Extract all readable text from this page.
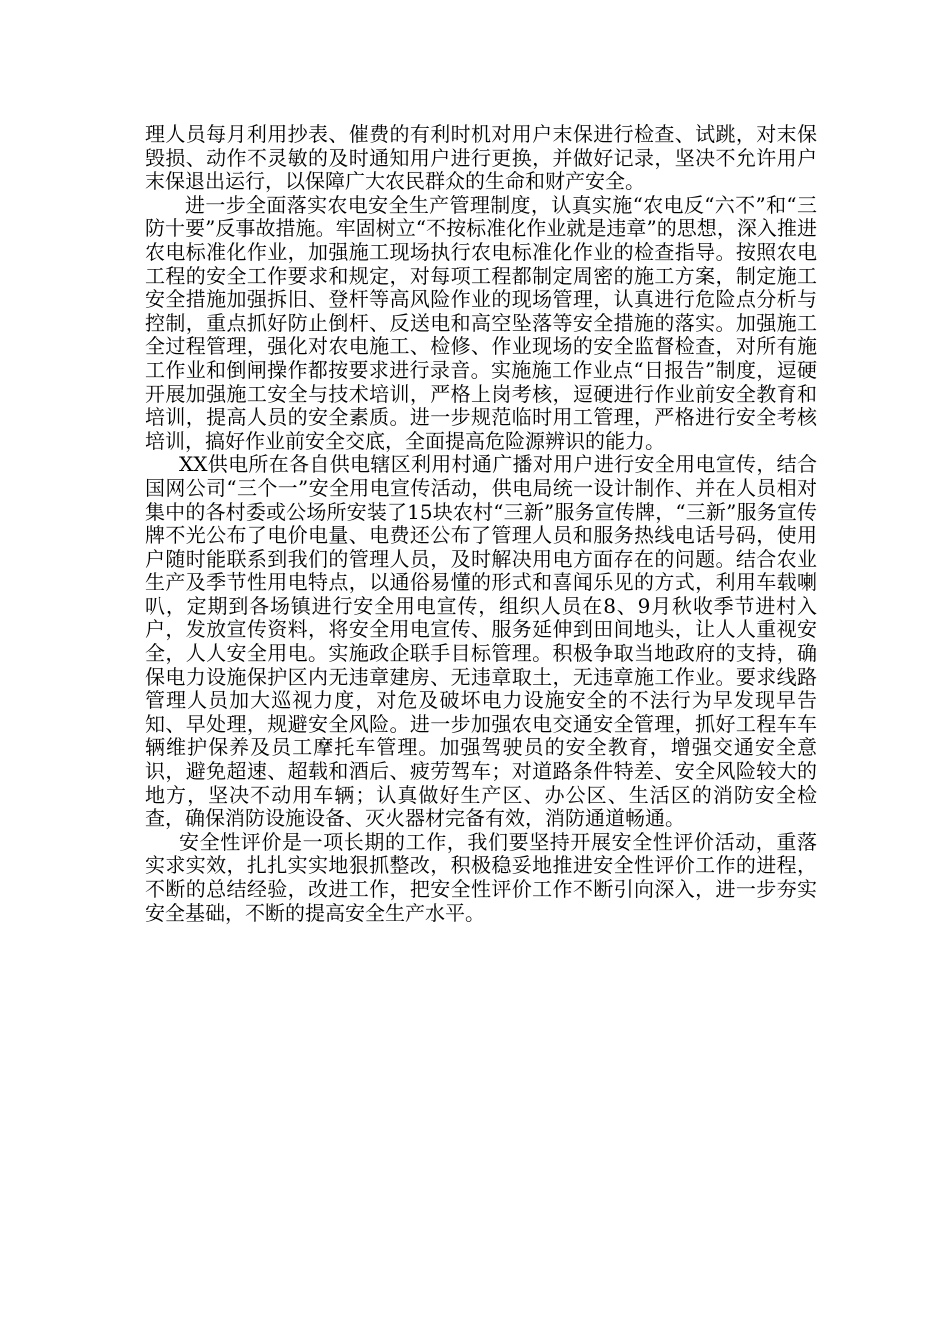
理人员每月利用抄表、催费的有利时机对用户末保进行检查、试跳，对末保毁损、动作不灵敏的及时通知用户进行更换，并做好记录，坚决不允许用户末保退出运行，以保障广大农民群众的生命和财产安全。

进一步全面落实农电安全生产管理制度，认真实施“农电反“六不”和“三防十要”反事故措施。牢固树立“不按标准化作业就是违章”的思想，深入推进农电标准化作业，加强施工现场执行农电标准化作业的检查指导。按照农电工程的安全工作要求和规定，对每项工程都制定周密的施工方案，制定施工安全措施加强拆旧、登杆等高风险作业的现场管理，认真进行危险点分析与控制，重点抓好防止倒杆、反送电和高空坠落等安全措施的落实。加强施工全过程管理，强化对农电施工、检修、作业现场的安全监督检查，对所有施工作业和倒闸操作都按要求进行录音。实施施工作业点“日报告”制度，逗硬开展加强施工安全与技术培训，严格上岗考核，逗硬进行作业前安全教育和培训，提高人员的安全素质。进一步规范临时用工管理，严格进行安全考核培训，搞好作业前安全交底，全面提高危险源辨识的能力。

XX供电所在各自供电辖区利用村通广播对用户进行安全用电宣传，结合国网公司“三个一”安全用电宣传活动，供电局统一设计制作、并在人员相对集中的各村委或公场所安装了15块农村“三新”服务宣传牌，“三新”服务宣传牌不光公布了电价电量、电费还公布了管理人员和服务热线电话号码，使用户随时能联系到我们的管理人员，及时解决用电方面存在的问题。结合农业生产及季节性用电特点，以通俗易懂的形式和喜闻乐见的方式，利用车载喇叭，定期到各场镇进行安全用电宣传，组织人员在8、9月秋收季节进村入户，发放宣传资料，将安全用电宣传、服务延伸到田间地头，让人人重视安全，人人安全用电。实施政企联手目标管理。积极争取当地政府的支持，确保电力设施保护区内无违章建房、无违章取土，无违章施工作业。要求线路管理人员加大巡视力度，对危及破坏电力设施安全的不法行为早发现早告知、早处理，规避安全风险。进一步加强农电交通安全管理，抓好工程车车辆维护保养及员工摩托车管理。加强驾驶员的安全教育，增强交通安全意识，避免超速、超载和酒后、疲劳驾车；对道路条件特差、安全风险较大的地方，坚决不动用车辆；认真做好生产区、办公区、生活区的消防安全检查，确保消防设施设备、灭火器材完备有效，消防通道畅通。

安全性评价是一项长期的工作，我们要坚持开展安全性评价活动，重落实求实效，扎扎实实地狠抓整改，积极稳妥地推进安全性评价工作的进程，不断的总结经验，改进工作，把安全性评价工作不断引向深入，进一步夯实安全基础，不断的提高安全生产水平。
